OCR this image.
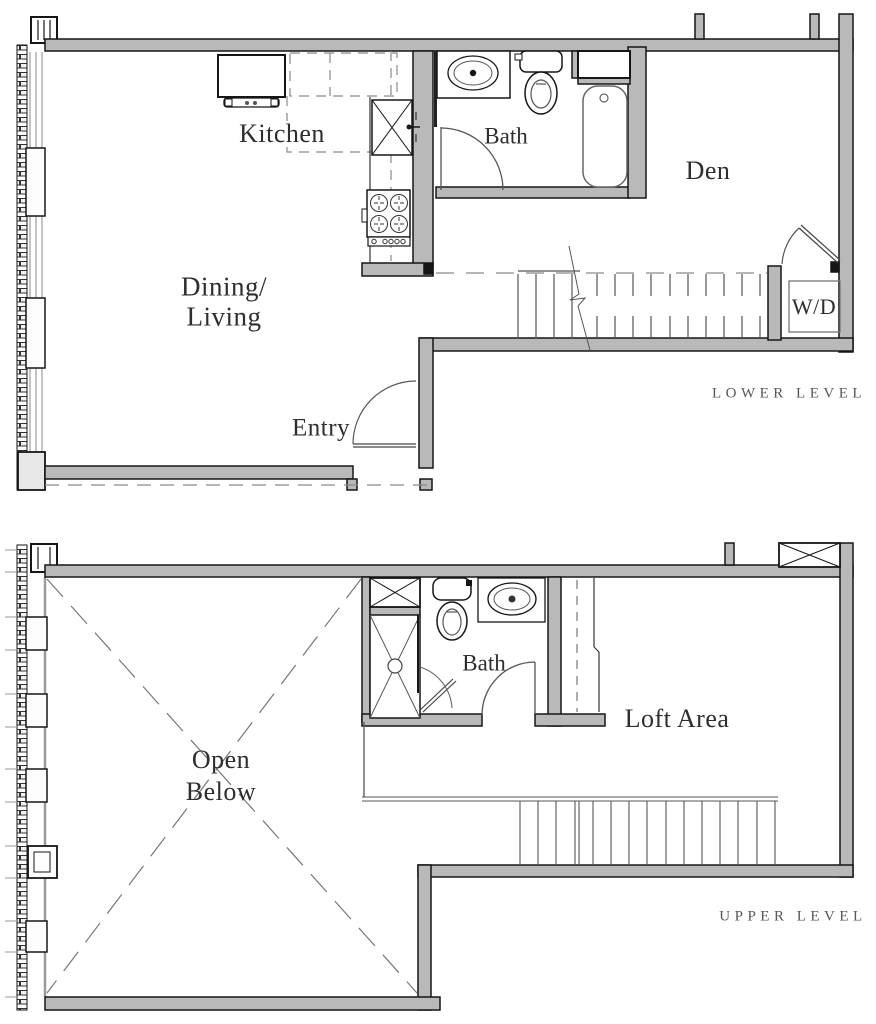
Kitchen	Bath
Den
Dining/
Living
Entry
W/D
LOWER LEVEL
Bath
Loft Area
Open
Below
UPPER LEVEL
